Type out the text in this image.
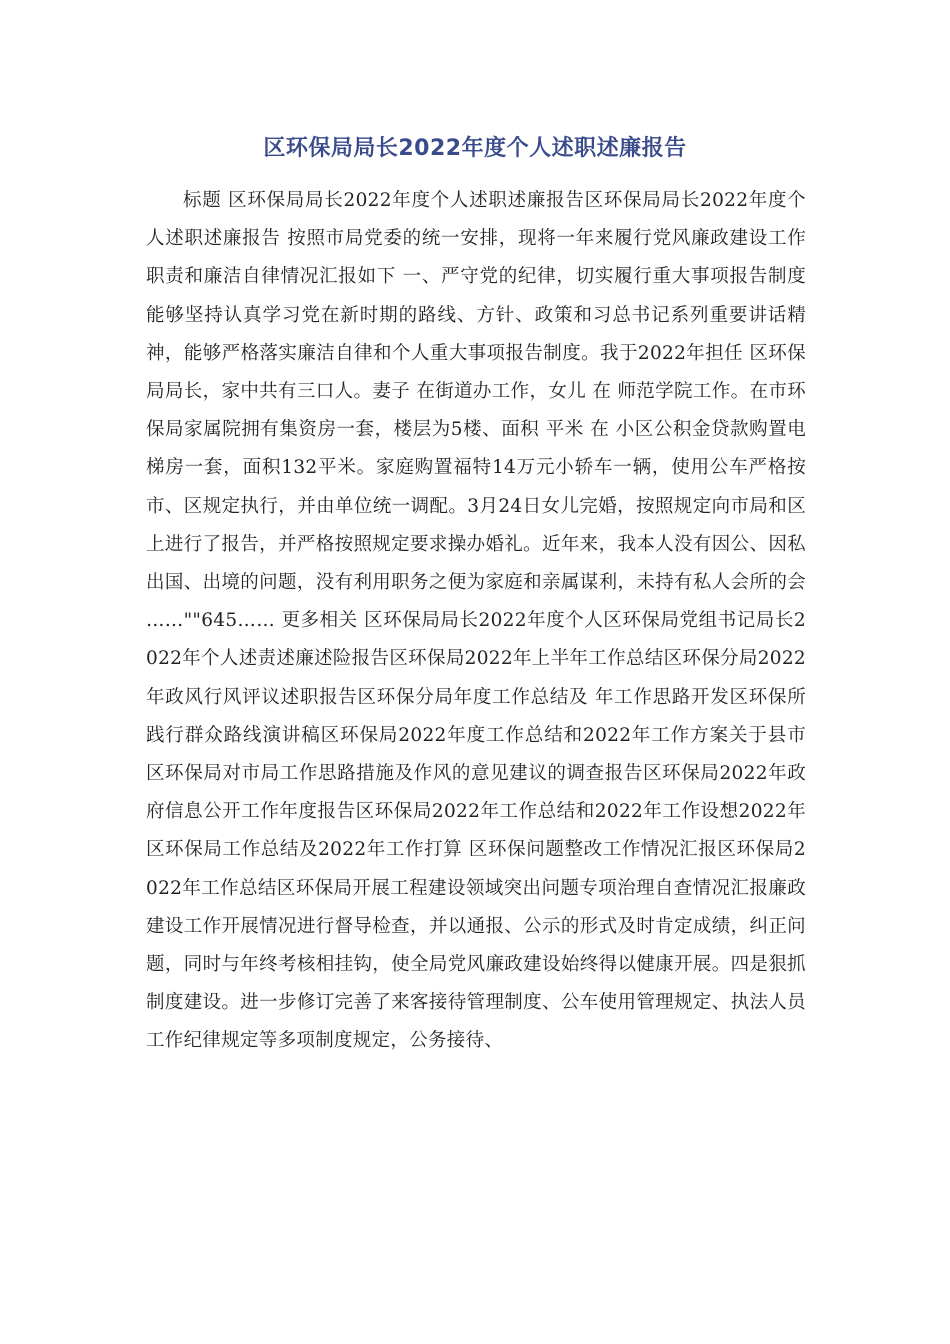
区环保局局长2022年度个人述职述廉报告

标题 区环保局局长2022年度个人述职述廉报告区环保局局长2022年度个人述职述廉报告 按照市局党委的统一安排，现将一年来履行党风廉政建设工作职责和廉洁自律情况汇报如下 一、严守党的纪律，切实履行重大事项报告制度能够坚持认真学习党在新时期的路线、方针、政策和习总书记系列重要讲话精神，能够严格落实廉洁自律和个人重大事项报告制度。我于2022年担任 区环保局局长，家中共有三口人。妻子 在街道办工作，女儿 在 师范学院工作。在市环保局家属院拥有集资房一套，楼层为5楼、面积 平米 在 小区公积金贷款购置电梯房一套，面积132平米。家庭购置福特14万元小轿车一辆，使用公车严格按市、区规定执行，并由单位统一调配。3月24日女儿完婚，按照规定向市局和区上进行了报告，并严格按照规定要求操办婚礼。近年来，我本人没有因公、因私出国、出境的问题，没有利用职务之便为家庭和亲属谋利，未持有私人会所的会 ……""645…… 更多相关 区环保局局长2022年度个人区环保局党组书记局长2022年个人述责述廉述险报告区环保局2022年上半年工作总结区环保分局2022年政风行风评议述职报告区环保分局年度工作总结及 年工作思路开发区环保所践行群众路线演讲稿区环保局2022年度工作总结和2022年工作方案关于县市区环保局对市局工作思路措施及作风的意见建议的调查报告区环保局2022年政府信息公开工作年度报告区环保局2022年工作总结和2022年工作设想2022年区环保局工作总结及2022年工作打算 区环保问题整改工作情况汇报区环保局2022年工作总结区环保局开展工程建设领域突出问题专项治理自查情况汇报廉政建设工作开展情况进行督导检查，并以通报、公示的形式及时肯定成绩，纠正问题，同时与年终考核相挂钩，使全局党风廉政建设始终得以健康开展。四是狠抓制度建设。进一步修订完善了来客接待管理制度、公车使用管理规定、执法人员工作纪律规定等多项制度规定，公务接待、
